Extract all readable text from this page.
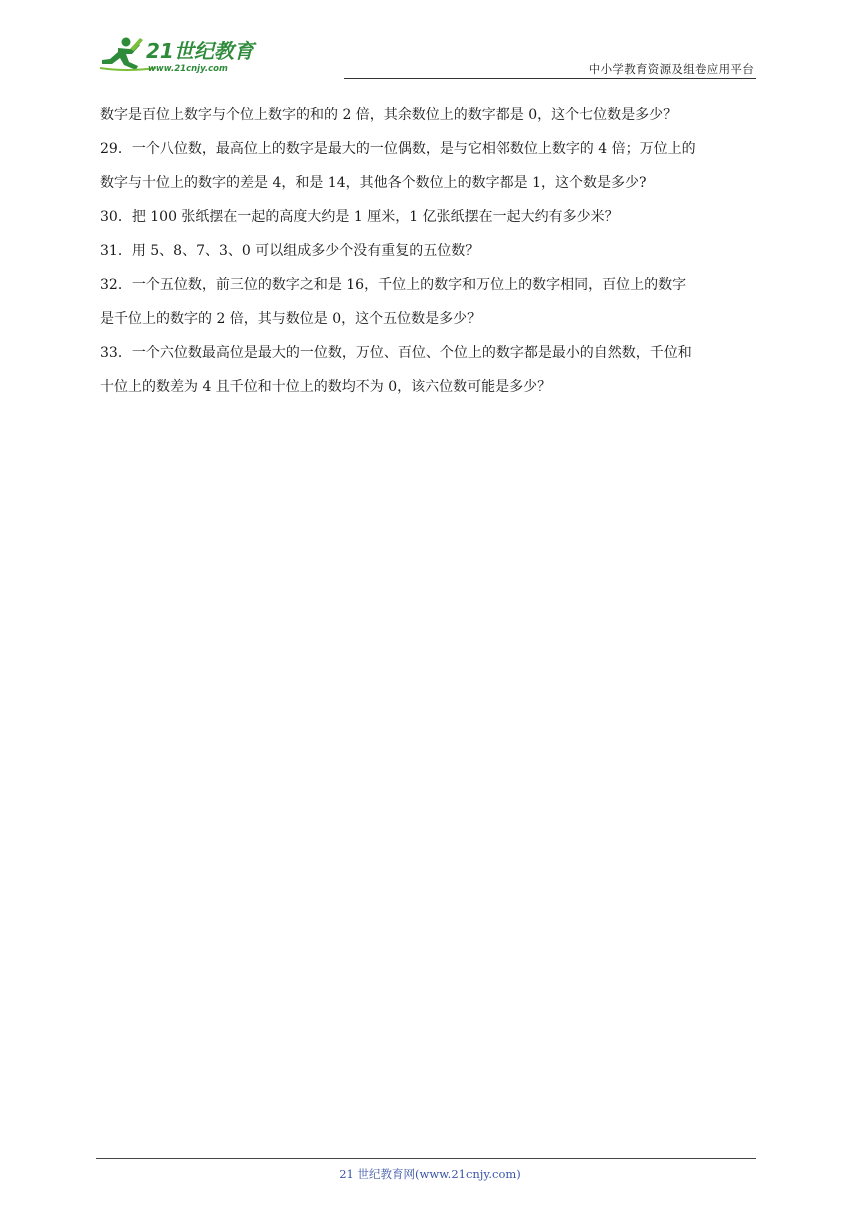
21世纪教育
www.21cnjy.com	中小学教育资源及组卷应用平台
数字是百位上数字与个位上数字的和的 2 倍，其余数位上的数字都是 0，这个七位数是多少？
29．一个八位数，最高位上的数字是最大的一位偶数，是与它相邻数位上数字的 4 倍；万位上的
数字与十位上的数字的差是 4，和是 14，其他各个数位上的数字都是 1，这个数是多少?
30．把 100 张纸摆在一起的高度大约是 1 厘米，1 亿张纸摆在一起大约有多少米？
31．用 5、8、7、3、0 可以组成多少个没有重复的五位数？
32．一个五位数，前三位的数字之和是 16，千位上的数字和万位上的数字相同，百位上的数字
是千位上的数字的 2 倍，其与数位是 0，这个五位数是多少？
33．一个六位数最高位是最大的一位数，万位、百位、个位上的数字都是最小的自然数，千位和
十位上的数差为 4 且千位和十位上的数均不为 0，该六位数可能是多少？
21 世纪教育网(www.21cnjy.com)
